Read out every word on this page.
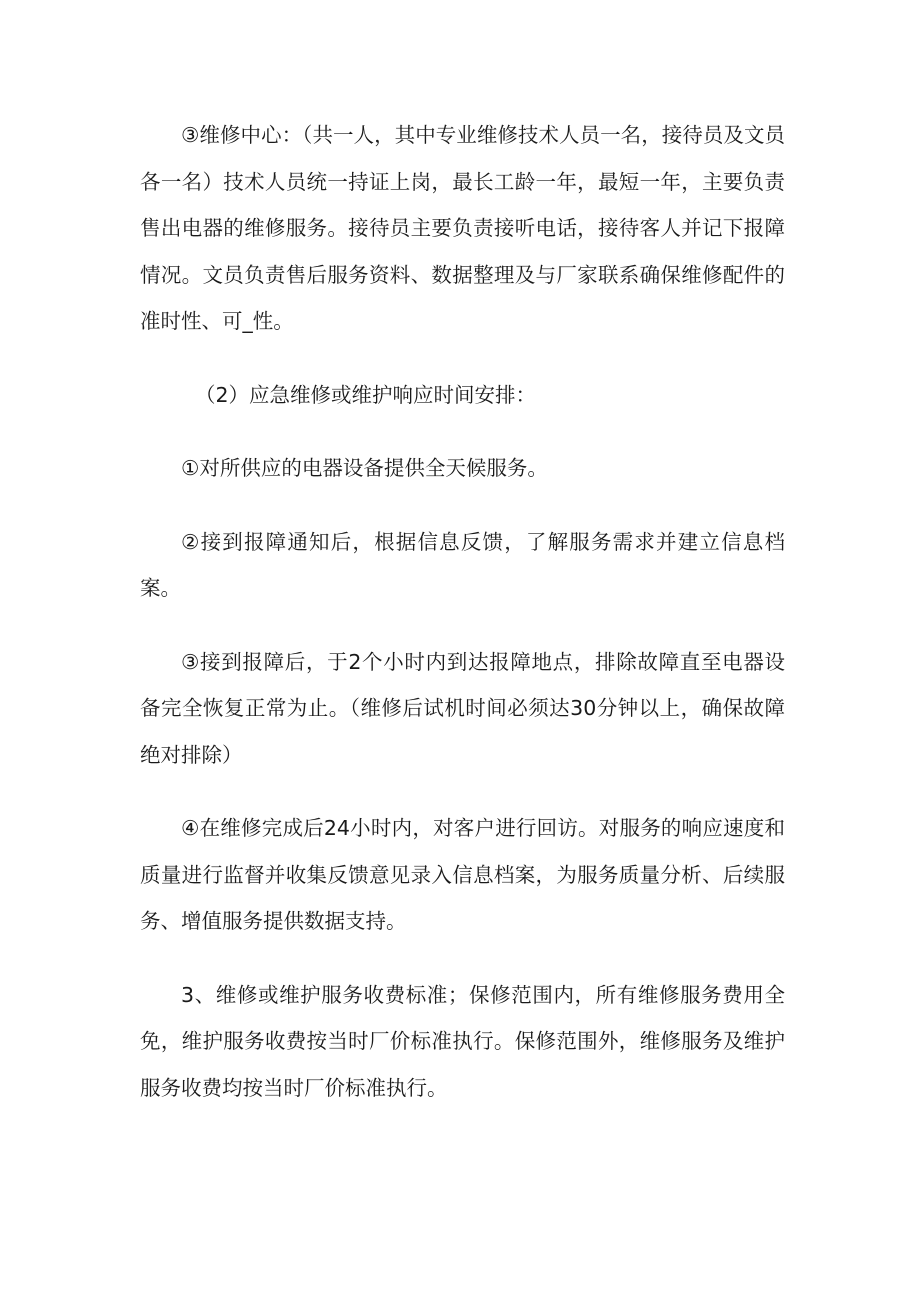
③维修中心：（共一人，其中专业维修技术人员一名，接待员及文员各一名）技术人员统一持证上岗，最长工龄一年，最短一年，主要负责售出电器的维修服务。接待员主要负责接听电话，接待客人并记下报障情况。文员负责售后服务资料、数据整理及与厂家联系确保维修配件的准时性、可_性。

（2）应急维修或维护响应时间安排：

①对所供应的电器设备提供全天候服务。

②接到报障通知后，根据信息反馈，了解服务需求并建立信息档案。

③接到报障后，于2个小时内到达报障地点，排除故障直至电器设备完全恢复正常为止。（维修后试机时间必须达30分钟以上，确保故障绝对排除）

④在维修完成后24小时内，对客户进行回访。对服务的响应速度和质量进行监督并收集反馈意见录入信息档案，为服务质量分析、后续服务、增值服务提供数据支持。

3、维修或维护服务收费标准；保修范围内，所有维修服务费用全免，维护服务收费按当时厂价标准执行。保修范围外，维修服务及维护服务收费均按当时厂价标准执行。
